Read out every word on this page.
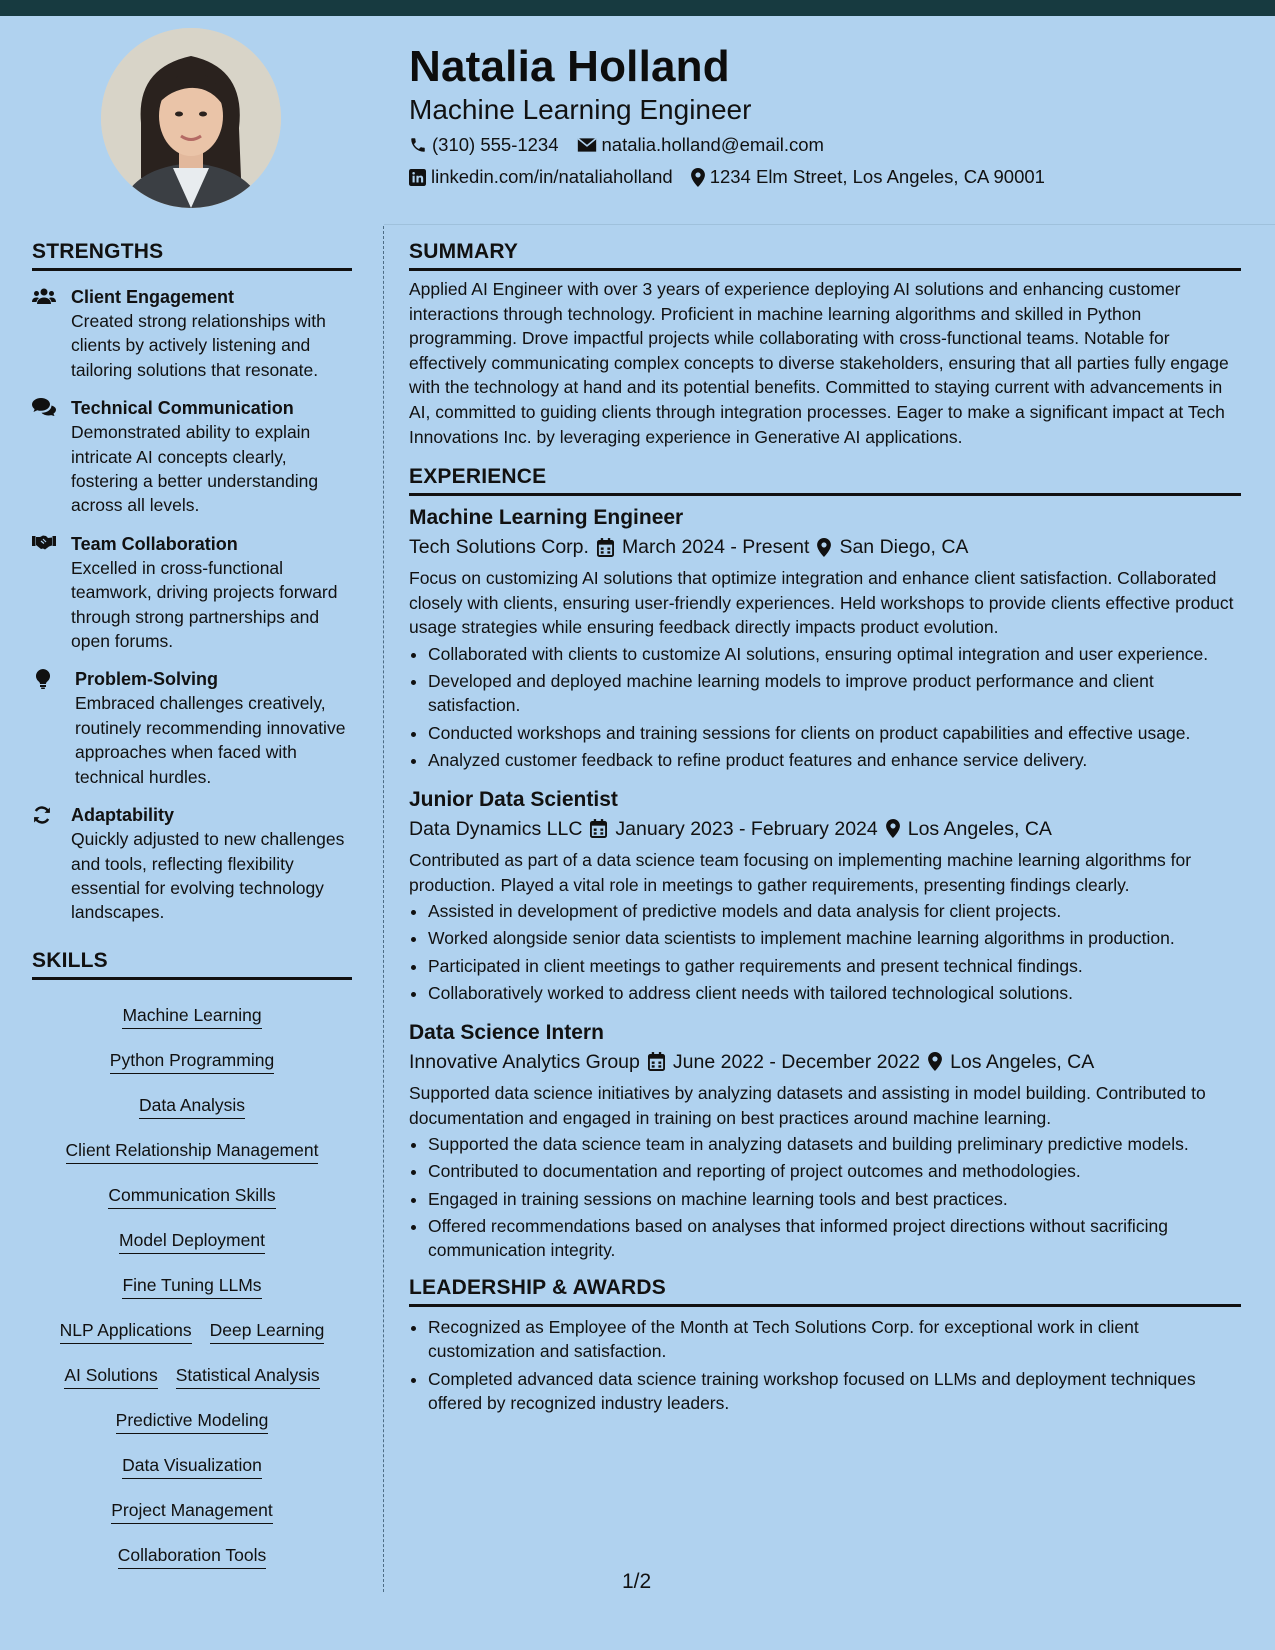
Natalia Holland
Machine Learning Engineer
(310) 555-1234 natalia.holland@email.com
linkedin.com/in/nataliaholland 1234 Elm Street, Los Angeles, CA 90001
STRENGTHS
Client Engagement
Created strong relationships with clients by actively listening and tailoring solutions that resonate.
Technical Communication
Demonstrated ability to explain intricate AI concepts clearly, fostering a better understanding across all levels.
Team Collaboration
Excelled in cross-functional teamwork, driving projects forward through strong partnerships and open forums.
Problem-Solving
Embraced challenges creatively, routinely recommending innovative approaches when faced with technical hurdles.
Adaptability
Quickly adjusted to new challenges and tools, reflecting flexibility essential for evolving technology landscapes.
SKILLS
Machine Learning
Python Programming
Data Analysis
Client Relationship Management
Communication Skills
Model Deployment
Fine Tuning LLMs
NLP Applications Deep Learning
AI Solutions Statistical Analysis
Predictive Modeling
Data Visualization
Project Management
Collaboration Tools
SUMMARY
Applied AI Engineer with over 3 years of experience deploying AI solutions and enhancing customer interactions through technology. Proficient in machine learning algorithms and skilled in Python programming. Drove impactful projects while collaborating with cross-functional teams. Notable for effectively communicating complex concepts to diverse stakeholders, ensuring that all parties fully engage with the technology at hand and its potential benefits. Committed to staying current with advancements in AI, committed to guiding clients through integration processes. Eager to make a significant impact at Tech Innovations Inc. by leveraging experience in Generative AI applications.
EXPERIENCE
Machine Learning Engineer
Tech Solutions Corp. March 2024 - Present San Diego, CA
Focus on customizing AI solutions that optimize integration and enhance client satisfaction. Collaborated closely with clients, ensuring user-friendly experiences. Held workshops to provide clients effective product usage strategies while ensuring feedback directly impacts product evolution.
• Collaborated with clients to customize AI solutions, ensuring optimal integration and user experience.
• Developed and deployed machine learning models to improve product performance and client satisfaction.
• Conducted workshops and training sessions for clients on product capabilities and effective usage.
• Analyzed customer feedback to refine product features and enhance service delivery.
Junior Data Scientist
Data Dynamics LLC January 2023 - February 2024 Los Angeles, CA
Contributed as part of a data science team focusing on implementing machine learning algorithms for production. Played a vital role in meetings to gather requirements, presenting findings clearly.
• Assisted in development of predictive models and data analysis for client projects.
• Worked alongside senior data scientists to implement machine learning algorithms in production.
• Participated in client meetings to gather requirements and present technical findings.
• Collaboratively worked to address client needs with tailored technological solutions.
Data Science Intern
Innovative Analytics Group June 2022 - December 2022 Los Angeles, CA
Supported data science initiatives by analyzing datasets and assisting in model building. Contributed to documentation and engaged in training on best practices around machine learning.
• Supported the data science team in analyzing datasets and building preliminary predictive models.
• Contributed to documentation and reporting of project outcomes and methodologies.
• Engaged in training sessions on machine learning tools and best practices.
• Offered recommendations based on analyses that informed project directions without sacrificing communication integrity.
LEADERSHIP & AWARDS
• Recognized as Employee of the Month at Tech Solutions Corp. for exceptional work in client customization and satisfaction.
• Completed advanced data science training workshop focused on LLMs and deployment techniques offered by recognized industry leaders.
1/2
